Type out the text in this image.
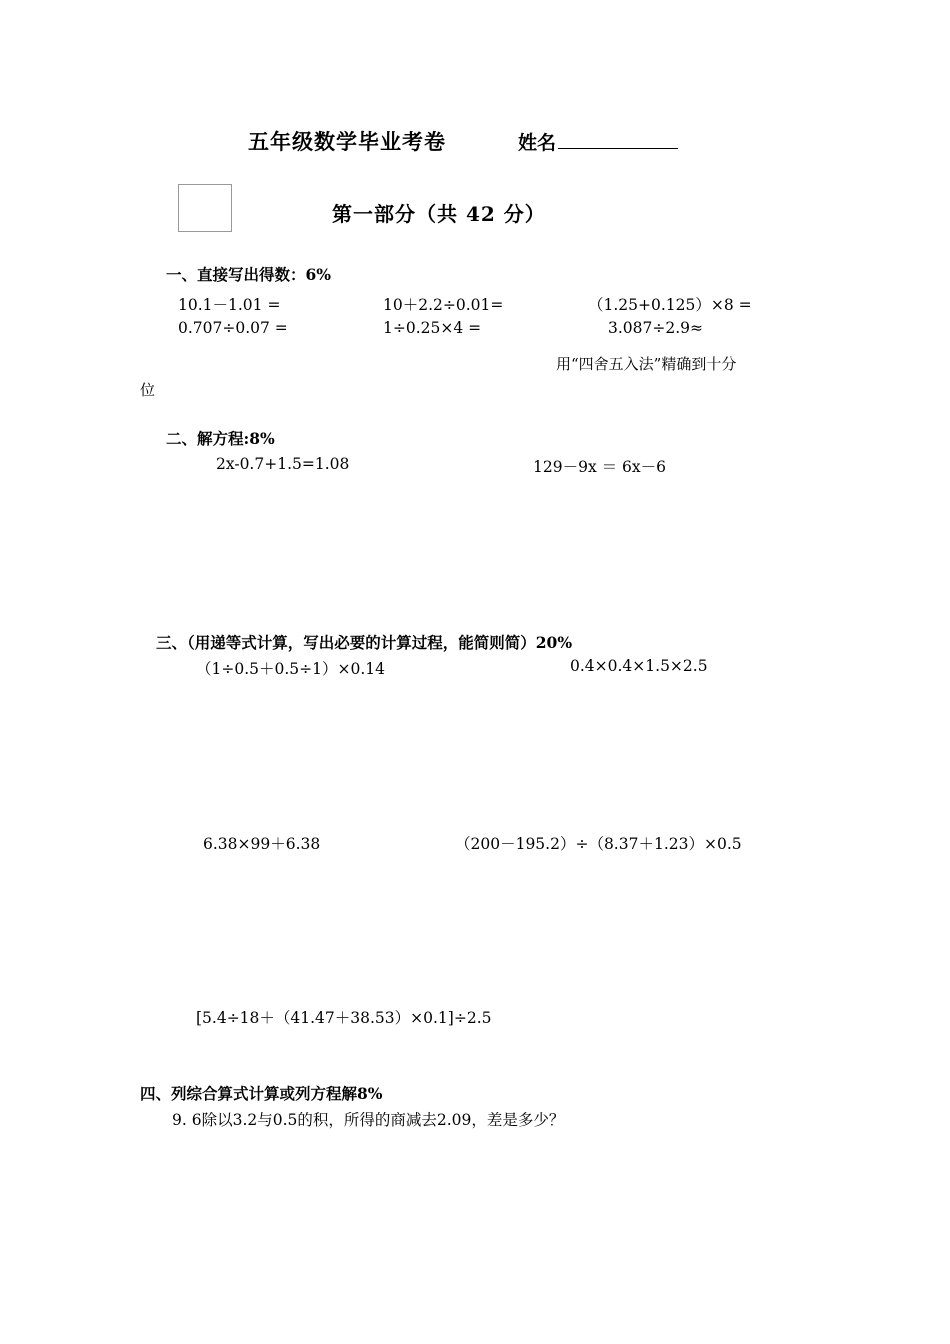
五年级数学毕业考卷	姓名
第一部分（共 42 分）
一、直接写出得数：6%
10.1－1.01 =	10＋2.2÷0.01=	（1.25+0.125）×8 =
0.707÷0.07 =	1÷0.25×4 =	3.087÷2.9≈
用“四舍五入法”精确到十分
位
二、解方程:8%
2x-0.7+1.5=1.08	129－9x ＝ 6x－6
三、（用递等式计算，写出必要的计算过程，能简则简）20%
（1÷0.5＋0.5÷1）×0.14	0.4×0.4×1.5×2.5
6.38×99＋6.38	（200－195.2）÷（8.37＋1.23）×0.5
[5.4÷18＋（41.47＋38.53）×0.1]÷2.5
四、列综合算式计算或列方程解8%
9. 6除以3.2与0.5的积，所得的商减去2.09，差是多少？
